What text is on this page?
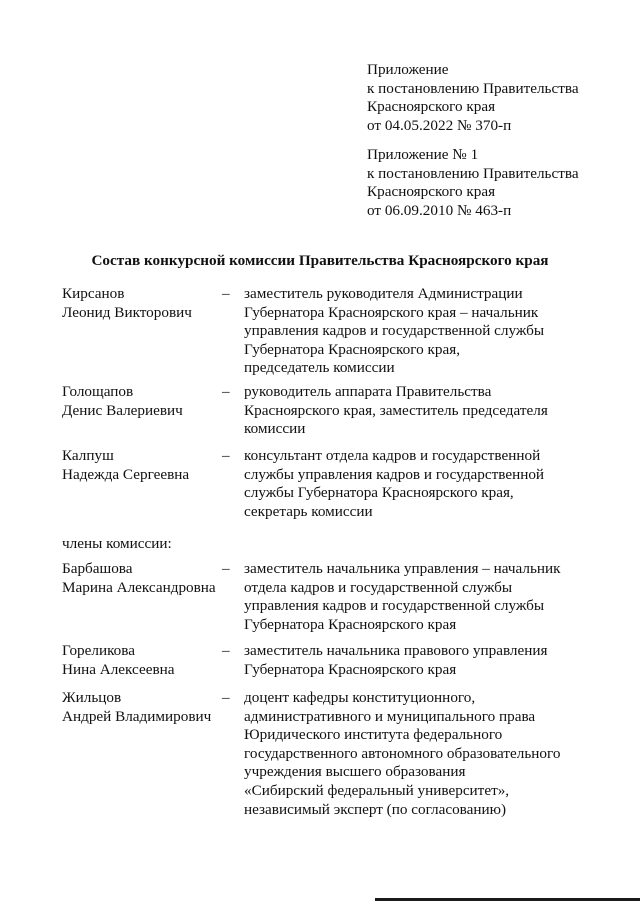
Приложение
к постановлению Правительства
Красноярского края
от 04.05.2022 № 370-п
Приложение № 1
к постановлению Правительства
Красноярского края
от 06.09.2010 № 463-п
Состав конкурсной комиссии Правительства Красноярского края
Кирсанов
Леонид Викторович
– заместитель руководителя Администрации
Губернатора Красноярского края – начальник
управления кадров и государственной службы
Губернатора Красноярского края,
председатель комиссии
Голощапов
Денис Валериевич
– руководитель аппарата Правительства
Красноярского края, заместитель председателя
комиссии
Калпуш
Надежда Сергеевна
– консультант отдела кадров и государственной
службы управления кадров и государственной
службы Губернатора Красноярского края,
секретарь комиссии
члены комиссии:
Барбашова
Марина Александровна
– заместитель начальника управления – начальник
отдела кадров и государственной службы
управления кадров и государственной службы
Губернатора Красноярского края
Гореликова
Нина Алексеевна
– заместитель начальника правового управления
Губернатора Красноярского края
Жильцов
Андрей Владимирович
– доцент кафедры конституционного,
административного и муниципального права
Юридического института федерального
государственного автономного образовательного
учреждения высшего образования
«Сибирский федеральный университет»,
независимый эксперт (по согласованию)
